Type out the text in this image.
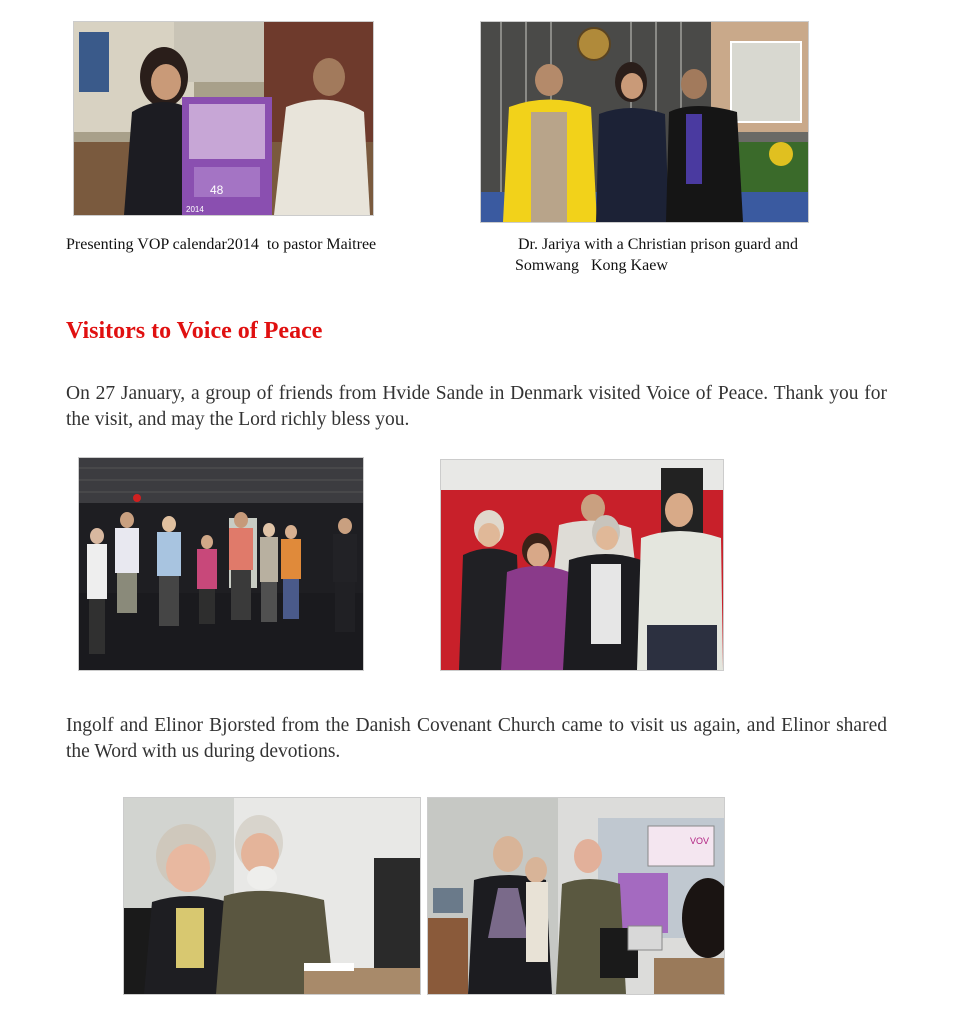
48
2014
Presenting VOP calendar2014  to pastor Maitree	Dr. Jariya with a Christian prison guard and
Somwang   Kong Kaew
Visitors to Voice of Peace
On 27 January, a group of friends from Hvide Sande in Denmark visited Voice of Peace. Thank you for the visit, and may the Lord richly bless you.
Ingolf and Elinor Bjorsted from the Danish Covenant Church came to visit us again, and Elinor shared the Word with us during devotions.
VOV
